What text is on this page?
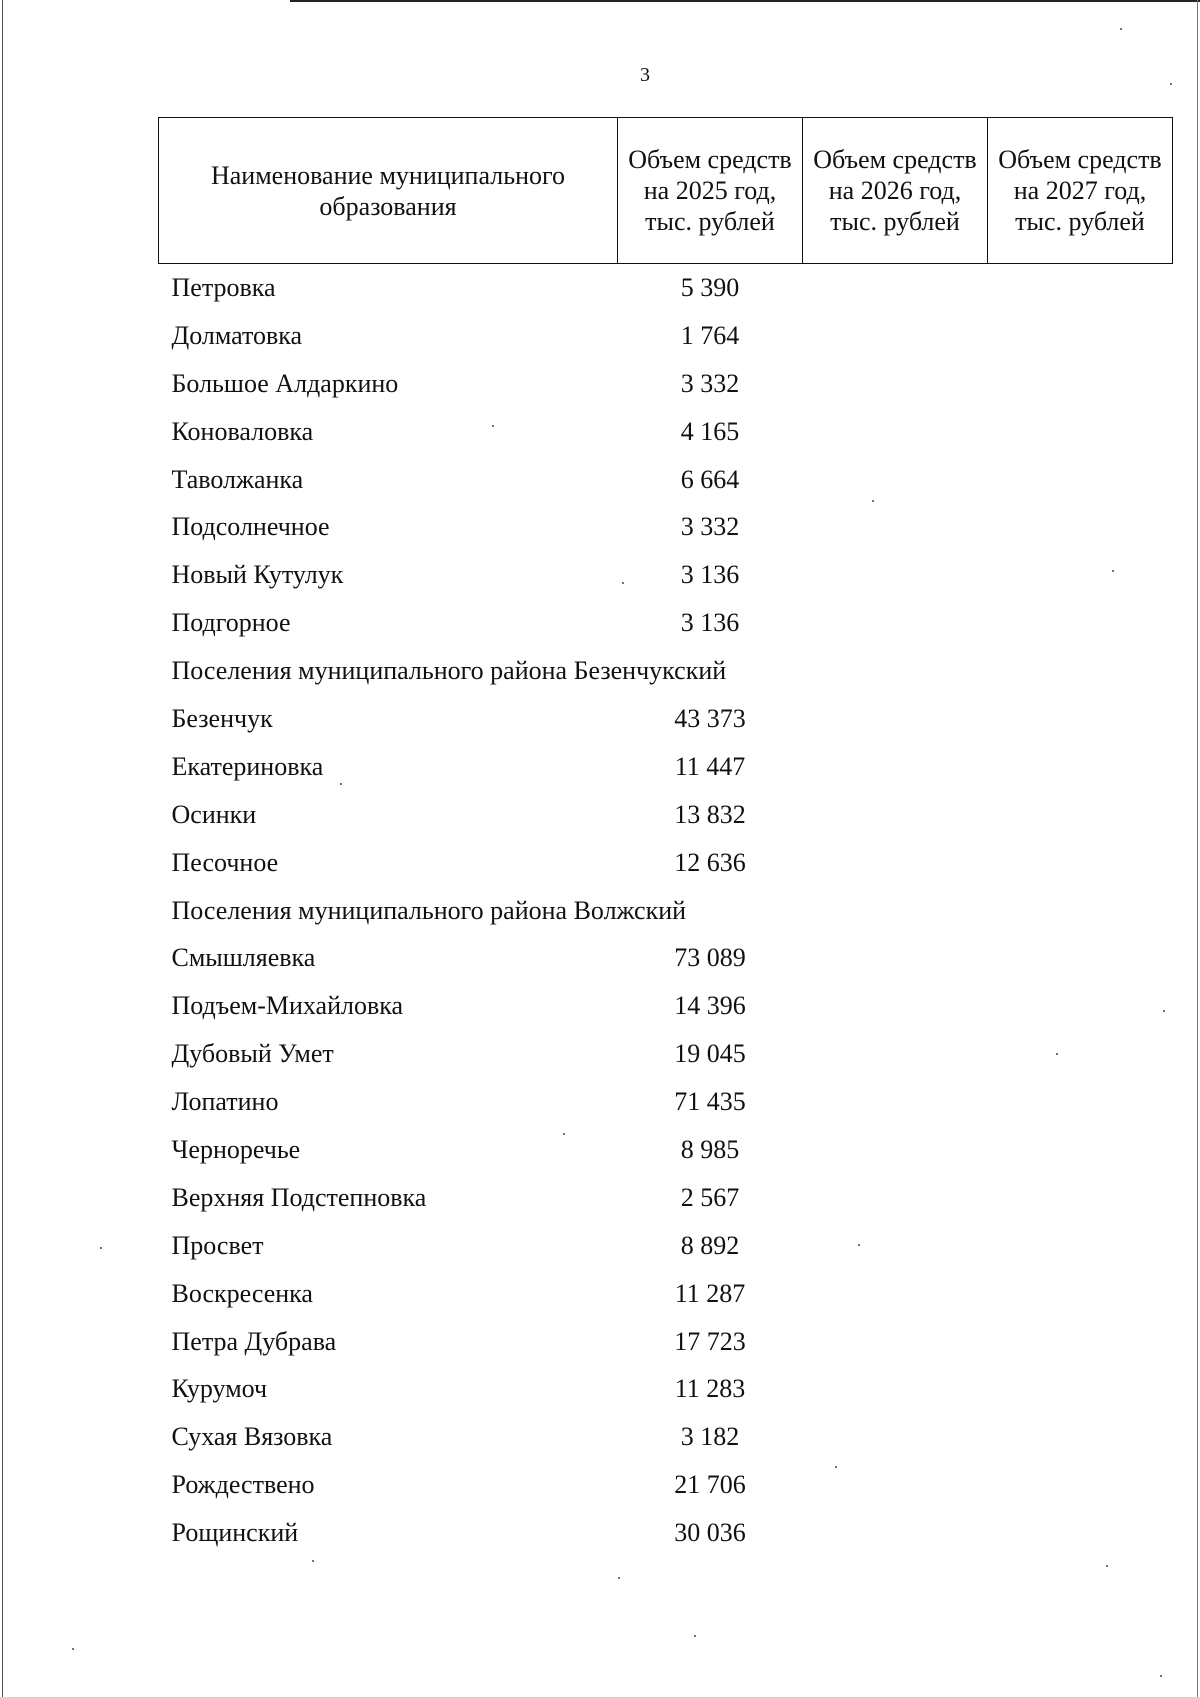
3
Наименование муниципального образования	Объем средств на 2025 год, тыс. рублей	Объем средств на 2026 год, тыс. рублей	Объем средств на 2027 год, тыс. рублей
Петровка	5 390		
Долматовка	1 764		
Большое Алдаркино	3 332		
Коноваловка	4 165		
Таволжанка	6 664		
Подсолнечное	3 332		
Новый Кутулук	3 136		
Подгорное	3 136		
Поселения муниципального района Безенчукский			
Безенчук	43 373		
Екатериновка	11 447		
Осинки	13 832		
Песочное	12 636		
Поселения муниципального района Волжский			
Смышляевка	73 089		
Подъем-Михайловка	14 396		
Дубовый Умет	19 045		
Лопатино	71 435		
Черноречье	8 985		
Верхняя Подстепновка	2 567		
Просвет	8 892		
Воскресенка	11 287		
Петра Дубрава	17 723		
Курумоч	11 283		
Сухая Вязовка	3 182		
Рождествено	21 706		
Рощинский	30 036		
